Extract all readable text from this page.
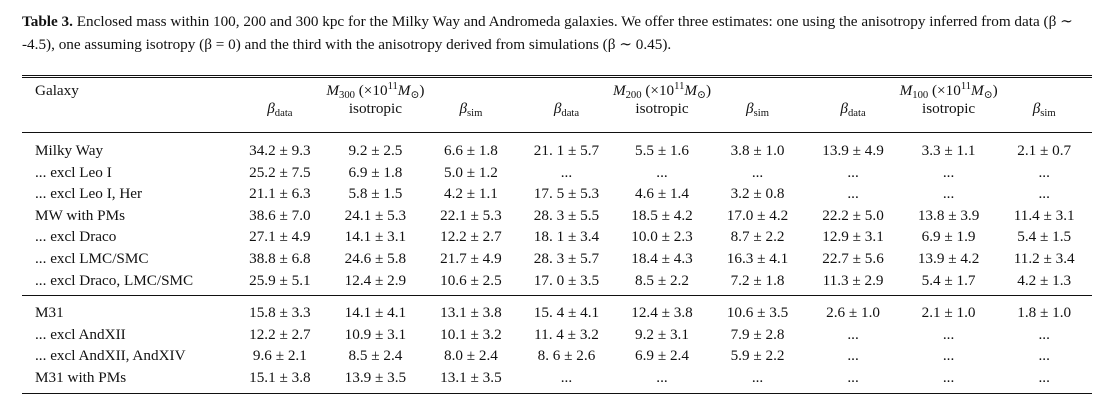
Table 3. Enclosed mass within 100, 200 and 300 kpc for the Milky Way and Andromeda galaxies. We offer three estimates: one using the anisotropy inferred from data (β ∼ -4.5), one assuming isotropy (β = 0) and the third with the anisotropy derived from simulations (β ∼ 0.45).

Galaxy	$M_{300}$ $(\times 10^{11}M_⊙)$			$M_{200}$ $(\times 10^{11}M_⊙)$			$M_{100}$ $(\times 10^{11}M_⊙)$		
	$\beta_{data}$	isotropic	$\beta_{sim}$	$\beta_{data}$	isotropic	$\beta_{sim}$	$\beta_{data}$	isotropic	$\beta_{sim}$
Milky Way	34.2 ± 9.3	9.2 ± 2.5	6.6 ± 1.8	21. 1 ± 5.7	5.5 ± 1.6	3.8 ± 1.0	13.9 ± 4.9	3.3 ± 1.1	2.1 ± 0.7
... excl Leo I	25.2 ± 7.5	6.9 ± 1.8	5.0 ± 1.2	...	...	...	...	...	...
... excl Leo I, Her	21.1 ± 6.3	5.8 ± 1.5	4.2 ± 1.1	17. 5 ± 5.3	4.6 ± 1.4	3.2 ± 0.8	...	...	...
MW with PMs	38.6 ± 7.0	24.1 ± 5.3	22.1 ± 5.3	28. 3 ± 5.5	18.5 ± 4.2	17.0 ± 4.2	22.2 ± 5.0	13.8 ± 3.9	11.4 ± 3.1
... excl Draco	27.1 ± 4.9	14.1 ± 3.1	12.2 ± 2.7	18. 1 ± 3.4	10.0 ± 2.3	8.7 ± 2.2	12.9 ± 3.1	6.9 ± 1.9	5.4 ± 1.5
... excl LMC/SMC	38.8 ± 6.8	24.6 ± 5.8	21.7 ± 4.9	28. 3 ± 5.7	18.4 ± 4.3	16.3 ± 4.1	22.7 ± 5.6	13.9 ± 4.2	11.2 ± 3.4
... excl Draco, LMC/SMC	25.9 ± 5.1	12.4 ± 2.9	10.6 ± 2.5	17. 0 ± 3.5	8.5 ± 2.2	7.2 ± 1.8	11.3 ± 2.9	5.4 ± 1.7	4.2 ± 1.3
M31	15.8 ± 3.3	14.1 ± 4.1	13.1 ± 3.8	15. 4 ± 4.1	12.4 ± 3.8	10.6 ± 3.5	2.6 ± 1.0	2.1 ± 1.0	1.8 ± 1.0
... excl AndXII	12.2 ± 2.7	10.9 ± 3.1	10.1 ± 3.2	11. 4 ± 3.2	9.2 ± 3.1	7.9 ± 2.8	...	...	...
... excl AndXII, AndXIV	9.6 ± 2.1	8.5 ± 2.4	8.0 ± 2.4	8. 6 ± 2.6	6.9 ± 2.4	5.9 ± 2.2	...	...	...
M31 with PMs	15.1 ± 3.8	13.9 ± 3.5	13.1 ± 3.5	...	...	...	...	...	...
